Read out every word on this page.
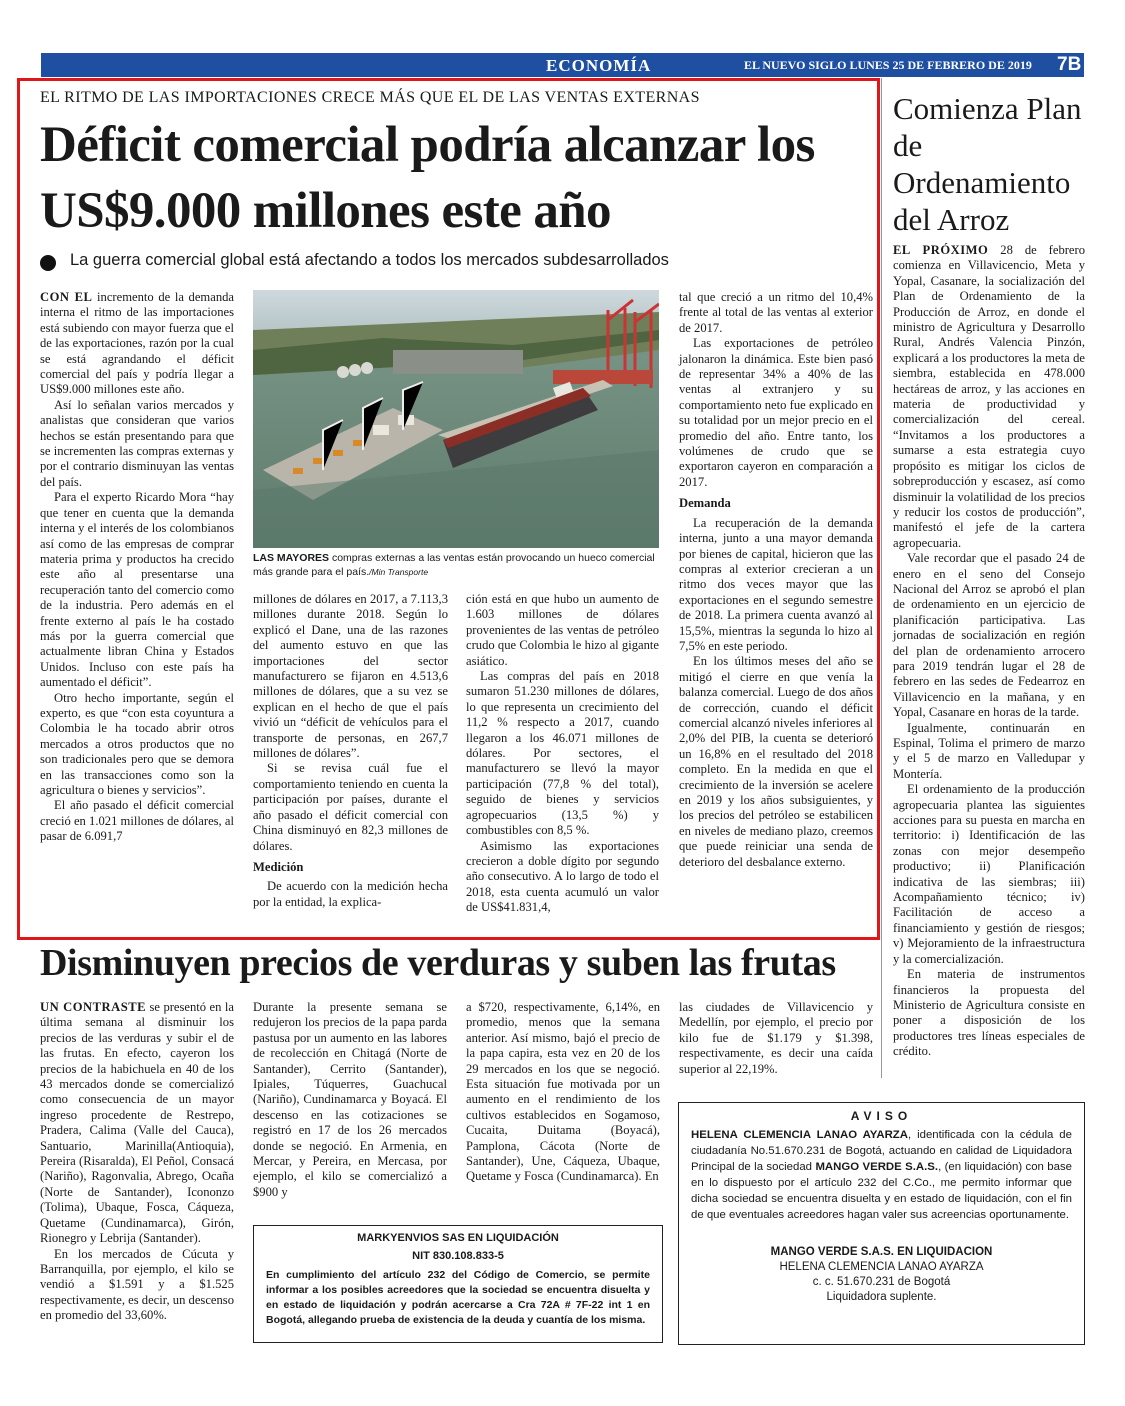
ECONOMÍA	EL NUEVO SIGLO LUNES 25 DE FEBRERO DE 2019 7B
EL RITMO DE LAS IMPORTACIONES CRECE MÁS QUE EL DE LAS VENTAS EXTERNAS
Déficit comercial podría alcanzar los US$9.000 millones este año
La guerra comercial global está afectando a todos los mercados subdesarrollados

CON EL incremento de la demanda interna el ritmo de las importaciones está subiendo con mayor fuerza que el de las exportaciones, razón por la cual se está agrandando el déficit comercial del país y podría llegar a US$9.000 millones este año.

Así lo señalan varios mercados y analistas que consideran que varios hechos se están presentando para que se incrementen las compras externas y por el contrario disminuyan las ventas del país.

Para el experto Ricardo Mora “hay que tener en cuenta que la demanda interna y el interés de los colombianos así como de las empresas de comprar materia prima y productos ha crecido este año al presentarse una recuperación tanto del comercio como de la industria. Pero además en el frente externo al país le ha costado más por la guerra comercial que actualmente libran China y Estados Unidos. Incluso con este país ha aumentado el déficit”.

Otro hecho importante, según el experto, es que “con esta coyuntura a Colombia le ha tocado abrir otros mercados a otros productos que no son tradicionales pero que se demora en las transacciones como son la agricultura o bienes y servicios”.

El año pasado el déficit comercial creció en 1.021 millones de dólares, al pasar de 6.091,7

LAS MAYORES compras externas a las ventas están provocando un hueco comercial más grande para el país./Min Transporte

millones de dólares en 2017, a 7.113,3 millones durante 2018. Según lo explicó el Dane, una de las razones del aumento estuvo en que las importaciones del sector manufacturero se fijaron en 4.513,6 millones de dólares, que a su vez se explican en el hecho de que el país vivió un “déficit de vehículos para el transporte de personas, en 267,7 millones de dólares”.

Si se revisa cuál fue el comportamiento teniendo en cuenta la participación por países, durante el año pasado el déficit comercial con China disminuyó en 82,3 millones de dólares.

Medición

De acuerdo con la medición hecha por la entidad, la explica-

ción está en que hubo un aumento de 1.603 millones de dólares provenientes de las ventas de petróleo crudo que Colombia le hizo al gigante asiático.

Las compras del país en 2018 sumaron 51.230 millones de dólares, lo que representa un crecimiento del 11,2 % respecto a 2017, cuando llegaron a los 46.071 millones de dólares. Por sectores, el manufacturero se llevó la mayor participación (77,8 % del total), seguido de bienes y servicios agropecuarios (13,5 %) y combustibles con 8,5 %.

Asimismo las exportaciones crecieron a doble dígito por segundo año consecutivo. A lo largo de todo el 2018, esta cuenta acumuló un valor de US$41.831,4,

tal que creció a un ritmo del 10,4% frente al total de las ventas al exterior de 2017.

Las exportaciones de petróleo jalonaron la dinámica. Este bien pasó de representar 34% a 40% de las ventas al extranjero y su comportamiento neto fue explicado en su totalidad por un mejor precio en el promedio del año. Entre tanto, los volúmenes de crudo que se exportaron cayeron en comparación a 2017.

Demanda

La recuperación de la demanda interna, junto a una mayor demanda por bienes de capital, hicieron que las compras al exterior crecieran a un ritmo dos veces mayor que las exportaciones en el segundo semestre de 2018. La primera cuenta avanzó al 15,5%, mientras la segunda lo hizo al 7,5% en este periodo.

En los últimos meses del año se mitigó el cierre en que venía la balanza comercial. Luego de dos años de corrección, cuando el déficit comercial alcanzó niveles inferiores al 2,0% del PIB, la cuenta se deterioró un 16,8% en el resultado del 2018 completo. En la medida en que el crecimiento de la inversión se acelere en 2019 y los años subsiguientes, y los precios del petróleo se estabilicen en niveles de mediano plazo, creemos que puede reiniciar una senda de deterioro del desbalance externo.

Comienza Plan de Ordenamiento del Arroz

EL PRÓXIMO 28 de febrero comienza en Villavicencio, Meta y Yopal, Casanare, la socialización del Plan de Ordenamiento de la Producción de Arroz, en donde el ministro de Agricultura y Desarrollo Rural, Andrés Valencia Pinzón, explicará a los productores la meta de siembra, establecida en 478.000 hectáreas de arroz, y las acciones en materia de productividad y comercialización del cereal. “Invitamos a los productores a sumarse a esta estrategia cuyo propósito es mitigar los ciclos de sobreproducción y escasez, así como disminuir la volatilidad de los precios y reducir los costos de producción”, manifestó el jefe de la cartera agropecuaria.

Vale recordar que el pasado 24 de enero en el seno del Consejo Nacional del Arroz se aprobó el plan de ordenamiento en un ejercicio de planificación participativa. Las jornadas de socialización en región del plan de ordenamiento arrocero para 2019 tendrán lugar el 28 de febrero en las sedes de Fedearroz en Villavicencio en la mañana, y en Yopal, Casanare en horas de la tarde.

Igualmente, continuarán en Espinal, Tolima el primero de marzo y el 5 de marzo en Valledupar y Montería.

El ordenamiento de la producción agropecuaria plantea las siguientes acciones para su puesta en marcha en territorio: i) Identificación de las zonas con mejor desempeño productivo; ii) Planificación indicativa de las siembras; iii) Acompañamiento técnico; iv) Facilitación de acceso a financiamiento y gestión de riesgos; v) Mejoramiento de la infraestructura y la comercialización.

En materia de instrumentos financieros la propuesta del Ministerio de Agricultura consiste en poner a disposición de los productores tres líneas especiales de crédito.

Disminuyen precios de verduras y suben las frutas

UN CONTRASTE se presentó en la última semana al disminuir los precios de las verduras y subir el de las frutas. En efecto, cayeron los precios de la habichuela en 40 de los 43 mercados donde se comercializó como consecuencia de un mayor ingreso procedente de Restrepo, Pradera, Calima (Valle del Cauca), Santuario, Marinilla(Antioquia), Pereira (Risaralda), El Peñol, Consacá (Nariño), Ragonvalia, Abrego, Ocaña (Norte de Santander), Icononzo (Tolima), Ubaque, Fosca, Cáqueza, Quetame (Cundinamarca), Girón, Rionegro y Lebrija (Santander).

En los mercados de Cúcuta y Barranquilla, por ejemplo, el kilo se vendió a $1.591 y a $1.525 respectivamente, es decir, un descenso en promedio del 33,60%.

Durante la presente semana se redujeron los precios de la papa parda pastusa por un aumento en las labores de recolección en Chitagá (Norte de Santander), Cerrito (Santander), Ipiales, Túquerres, Guachucal (Nariño), Cundinamarca y Boyacá. El descenso en las cotizaciones se registró en 17 de los 26 mercados donde se negoció. En Armenia, en Mercar, y Pereira, en Mercasa, por ejemplo, el kilo se comercializó a $900 y

a $720, respectivamente, 6,14%, en promedio, menos que la semana anterior. Así mismo, bajó el precio de la papa capira, esta vez en 20 de los 29 mercados en los que se negoció. Esta situación fue motivada por un aumento en el rendimiento de los cultivos establecidos en Sogamoso, Cucaita, Duitama (Boyacá), Pamplona, Cácota (Norte de Santander), Une, Cáqueza, Ubaque, Quetame y Fosca (Cundinamarca). En

las ciudades de Villavicencio y Medellín, por ejemplo, el precio por kilo fue de $1.179 y $1.398, respectivamente, es decir una caída superior al 22,19%.

MARKYENVIOS SAS EN LIQUIDACIÓN
NIT 830.108.833-5
En cumplimiento del artículo 232 del Código de Comercio, se permite informar a los posibles acreedores que la sociedad se encuentra disuelta y en estado de liquidación y podrán acercarse a Cra 72A # 7F-22 int 1 en Bogotá, allegando prueba de existencia de la deuda y cuantía de los misma.
AVISO
HELENA CLEMENCIA LANAO AYARZA, identificada con la cédula de ciudadanía No.51.670.231 de Bogotá, actuando en calidad de Liquidadora Principal de la sociedad MANGO VERDE S.A.S., (en liquidación) con base en lo dispuesto por el artículo 232 del C.Co., me permito informar que dicha sociedad se encuentra disuelta y en estado de liquidación, con el fin de que eventuales acreedores hagan valer sus acreencias oportunamente.
MANGO VERDE S.A.S. EN LIQUIDACION
HELENA CLEMENCIA LANAO AYARZA
c. c. 51.670.231 de Bogotá
Liquidadora suplente.
